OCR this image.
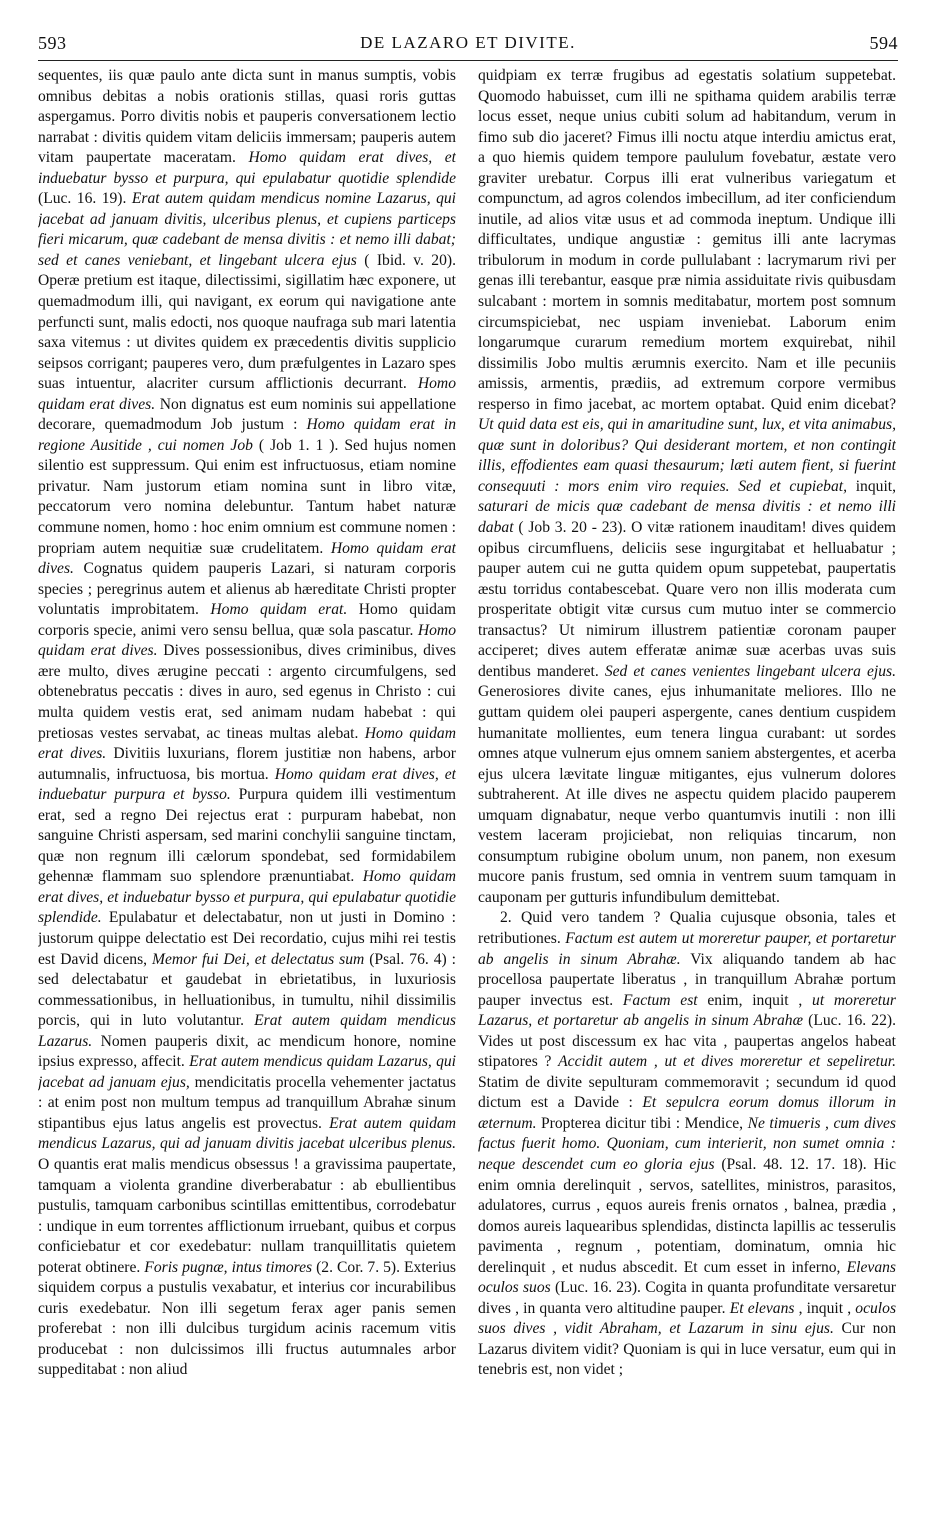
593	DE LAZARO ET DIVITE.	594

sequentes, iis quæ paulo ante dicta sunt in manus sumptis, vobis omnibus debitas a nobis orationis stillas, quasi roris guttas aspergamus. Porro divitis nobis et pauperis conversationem lectio narrabat : divitis quidem vitam deliciis immersam; pauperis autem vitam paupertate maceratam. Homo quidam erat dives, et induebatur bysso et purpura, qui epulabatur quotidie splendide (Luc. 16. 19). Erat autem quidam mendicus nomine Lazarus, qui jacebat ad januam divitis, ulceribus plenus, et cupiens particeps fieri micarum, quæ cadebant de mensa divitis : et nemo illi dabat; sed et canes veniebant, et lingebant ulcera ejus ( Ibid. v. 20). Operæ pretium est itaque, dilectissimi, sigillatim hæc exponere, ut quemadmodum illi, qui navigant, ex eorum qui navigatione ante perfuncti sunt, malis edocti, nos quoque naufraga sub mari latentia saxa vitemus : ut divites quidem ex præcedentis divitis supplicio seipsos corrigant; pauperes vero, dum præfulgentes in Lazaro spes suas intuentur, alacriter cursum afflictionis decurrant. Homo quidam erat dives. Non dignatus est eum nominis sui appellatione decorare, quemadmodum Job justum : Homo quidam erat in regione Ausitide , cui nomen Job ( Job 1. 1 ). Sed hujus nomen silentio est suppressum. Qui enim est infructuosus, etiam nomine privatur. Nam justorum etiam nomina sunt in libro vitæ, peccatorum vero nomina delebuntur. Tantum habet naturæ commune nomen, homo : hoc enim omnium est commune nomen : propriam autem nequitiæ suæ crudelitatem. Homo quidam erat dives. Cognatus quidem pauperis Lazari, si naturam corporis species ; peregrinus autem et alienus ab hæreditate Christi propter voluntatis improbitatem. Homo quidam erat. Homo quidam corporis specie, animi vero sensu bellua, quæ sola pascatur. Homo quidam erat dives. Dives possessionibus, dives criminibus, dives ære multo, dives ærugine peccati : argento circumfulgens, sed obtenebratus peccatis : dives in auro, sed egenus in Christo : cui multa quidem vestis erat, sed animam nudam habebat : qui pretiosas vestes servabat, ac tineas multas alebat. Homo quidam erat dives. Divitiis luxurians, florem justitiæ non habens, arbor autumnalis, infructuosa, bis mortua. Homo quidam erat dives, et induebatur purpura et bysso. Purpura quidem illi vestimentum erat, sed a regno Dei rejectus erat : purpuram habebat, non sanguine Christi aspersam, sed marini conchylii sanguine tinctam, quæ non regnum illi cælorum spondebat, sed formidabilem gehennæ flammam suo splendore prænuntiabat. Homo quidam erat dives, et induebatur bysso et purpura, qui epulabatur quotidie splendide. Epulabatur et delectabatur, non ut justi in Domino : justorum quippe delectatio est Dei recordatio, cujus mihi rei testis est David dicens, Memor fui Dei, et delectatus sum (Psal. 76. 4) : sed delectabatur et gaudebat in ebrietatibus, in luxuriosis commessationibus, in helluationibus, in tumultu, nihil dissimilis porcis, qui in luto volutantur. Erat autem quidam mendicus Lazarus. Nomen pauperis dixit, ac mendicum honore, nomine ipsius expresso, affecit. Erat autem mendicus quidam Lazarus, qui jacebat ad januam ejus, mendicitatis procella vehementer jactatus : at enim post non multum tempus ad tranquillum Abrahæ sinum stipantibus ejus latus angelis est provectus. Erat autem quidam mendicus Lazarus, qui ad januam divitis jacebat ulceribus plenus. O quantis erat malis mendicus obsessus ! a gravissima paupertate, tamquam a violenta grandine diverberabatur : ab ebullientibus pustulis, tamquam carbonibus scintillas emittentibus, corrodebatur : undique in eum torrentes afflictionum irruebant, quibus et corpus conficiebatur et cor exedebatur: nullam tranquillitatis quietem poterat obtinere. Foris pugnæ, intus timores (2. Cor. 7. 5). Exterius siquidem corpus a pustulis vexabatur, et interius cor incurabilibus curis exedebatur. Non illi segetum ferax ager panis semen proferebat : non illi dulcibus turgidum acinis racemum vitis producebat : non dulcissimos illi fructus autumnales arbor suppeditabat : non aliud

quidpiam ex terræ frugibus ad egestatis solatium suppetebat. Quomodo habuisset, cum illi ne spithama quidem arabilis terræ locus esset, neque unius cubiti solum ad habitandum, verum in fimo sub dio jaceret? Fimus illi noctu atque interdiu amictus erat, a quo hiemis quidem tempore paululum fovebatur, æstate vero graviter urebatur. Corpus illi erat vulneribus variegatum et compunctum, ad agros colendos imbecillum, ad iter conficiendum inutile, ad alios vitæ usus et ad commoda ineptum. Undique illi difficultates, undique angustiæ : gemitus illi ante lacrymas tribulorum in modum in corde pullulabant : lacrymarum rivi per genas illi terebantur, easque præ nimia assiduitate rivis quibusdam sulcabant : mortem in somnis meditabatur, mortem post somnum circumspiciebat, nec uspiam inveniebat. Laborum enim longarumque curarum remedium mortem exquirebat, nihil dissimilis Jobo multis ærumnis exercito. Nam et ille pecuniis amissis, armentis, prædiis, ad extremum corpore vermibus resperso in fimo jacebat, ac mortem optabat. Quid enim dicebat? Ut quid data est eis, qui in amaritudine sunt, lux, et vita animabus, quæ sunt in doloribus? Qui desiderant mortem, et non contingit illis, effodientes eam quasi thesaurum; læti autem fient, si fuerint consequuti : mors enim viro requies. Sed et cupiebat, inquit, saturari de micis quæ cadebant de mensa divitis : et nemo illi dabat ( Job 3. 20 - 23). O vitæ rationem inauditam! dives quidem opibus circumfluens, deliciis sese ingurgitabat et helluabatur ; pauper autem cui ne gutta quidem opum suppetebat, paupertatis æstu torridus contabescebat. Quare vero non illis moderata cum prosperitate obtigit vitæ cursus cum mutuo inter se commercio transactus? Ut nimirum illustrem patientiæ coronam pauper acciperet; dives autem efferatæ animæ suæ acerbas uvas suis dentibus manderet. Sed et canes venientes lingebant ulcera ejus. Generosiores divite canes, ejus inhumanitate meliores. Illo ne guttam quidem olei pauperi aspergente, canes dentium cuspidem humanitate mollientes, eum tenera lingua curabant: ut sordes omnes atque vulnerum ejus omnem saniem abstergentes, et acerba ejus ulcera lævitate linguæ mitigantes, ejus vulnerum dolores subtraherent. At ille dives ne aspectu quidem placido pauperem umquam dignabatur, neque verbo quantumvis inutili : non illi vestem laceram projiciebat, non reliquias tincarum, non consumptum rubigine obolum unum, non panem, non exesum mucore panis frustum, sed omnia in ventrem suum tamquam in cauponam per gutturis infundibulum demittebat.

2. Quid vero tandem ? Qualia cujusque obsonia, tales et retributiones. Factum est autem ut moreretur pauper, et portaretur ab angelis in sinum Abrahæ. Vix aliquando tandem ab hac procellosa paupertate liberatus , in tranquillum Abrahæ portum pauper invectus est. Factum est enim, inquit , ut moreretur Lazarus, et portaretur ab angelis in sinum Abrahæ (Luc. 16. 22). Vides ut post discessum ex hac vita , paupertas angelos habeat stipatores ? Accidit autem , ut et dives moreretur et sepeliretur. Statim de divite sepulturam commemoravit ; secundum id quod dictum est a Davide : Et sepulcra eorum domus illorum in æternum. Propterea dicitur tibi : Mendice, Ne timueris , cum dives factus fuerit homo. Quoniam, cum interierit, non sumet omnia : neque descendet cum eo gloria ejus (Psal. 48. 12. 17. 18). Hic enim omnia derelinquit , servos, satellites, ministros, parasitos, adulatores, currus , equos aureis frenis ornatos , balnea, prædia , domos aureis laquearibus splendidas, distincta lapillis ac tesserulis pavimenta , regnum , potentiam, dominatum, omnia hic derelinquit , et nudus abscedit. Et cum esset in inferno, Elevans oculos suos (Luc. 16. 23). Cogita in quanta profunditate versaretur dives , in quanta vero altitudine pauper. Et elevans , inquit , oculos suos dives , vidit Abraham, et Lazarum in sinu ejus. Cur non Lazarus divitem vidit? Quoniam is qui in luce versatur, eum qui in tenebris est, non videt ;
